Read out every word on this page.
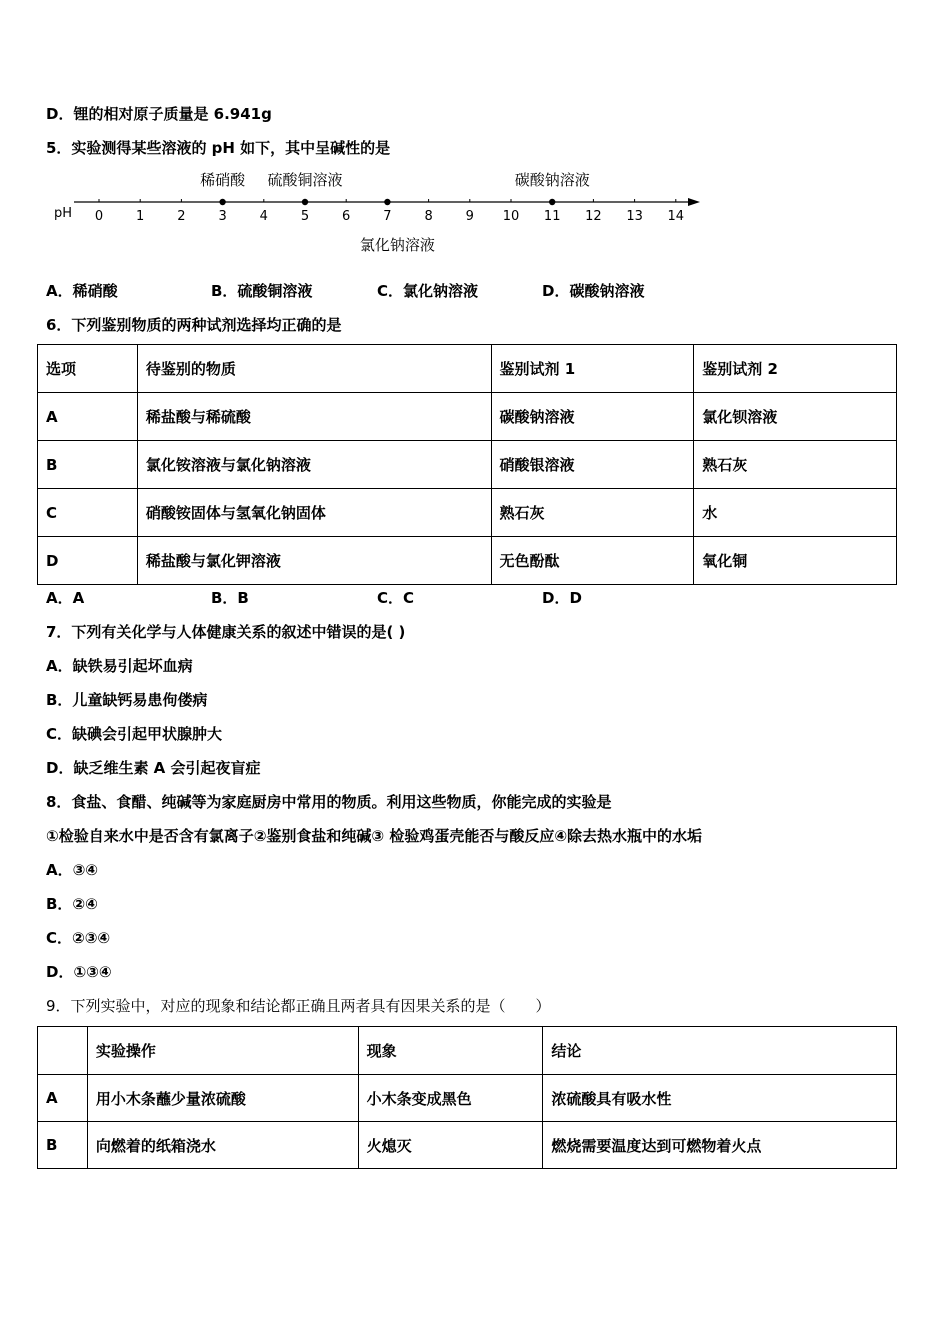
D．锂的相对原子质量是 6.941g
5．实验测得某些溶液的 pH 如下，其中呈碱性的是
pH 0	1	2	3	4	5	6	7	8	9 10 11 12 13 14
稀硝酸 硫酸铜溶液
氯化钠溶液
碳酸钠溶液
A．稀硝酸	B．硫酸铜溶液	C．氯化钠溶液	D．碳酸钠溶液
6．下列鉴别物质的两种试剂选择均正确的是
选项	待鉴别的物质	鉴别试剂 1	鉴别试剂 2
A	稀盐酸与稀硫酸	碳酸钠溶液	氯化钡溶液
B	氯化铵溶液与氯化钠溶液	硝酸银溶液	熟石灰
C	硝酸铵固体与氢氧化钠固体	熟石灰	水
D	稀盐酸与氯化钾溶液	无色酚酞	氧化铜
A．A	B．B	C．C	D．D
7．下列有关化学与人体健康关系的叙述中错误的是( )
A．缺铁易引起坏血病
B．儿童缺钙易患佝偻病
C．缺碘会引起甲状腺肿大
D．缺乏维生素 A 会引起夜盲症
8．食盐、食醋、纯碱等为家庭厨房中常用的物质。利用这些物质，你能完成的实验是
①检验自来水中是否含有氯离子②鉴别食盐和纯碱③ 检验鸡蛋壳能否与酸反应④除去热水瓶中的水垢
A．③④
B．②④
C．②③④
D．①③④
9．下列实验中，对应的现象和结论都正确且两者具有因果关系的是（　　）
	实验操作	现象	结论
A	用小木条蘸少量浓硫酸	小木条变成黑色	浓硫酸具有吸水性
B	向燃着的纸箱浇水	火熄灭	燃烧需要温度达到可燃物着火点
